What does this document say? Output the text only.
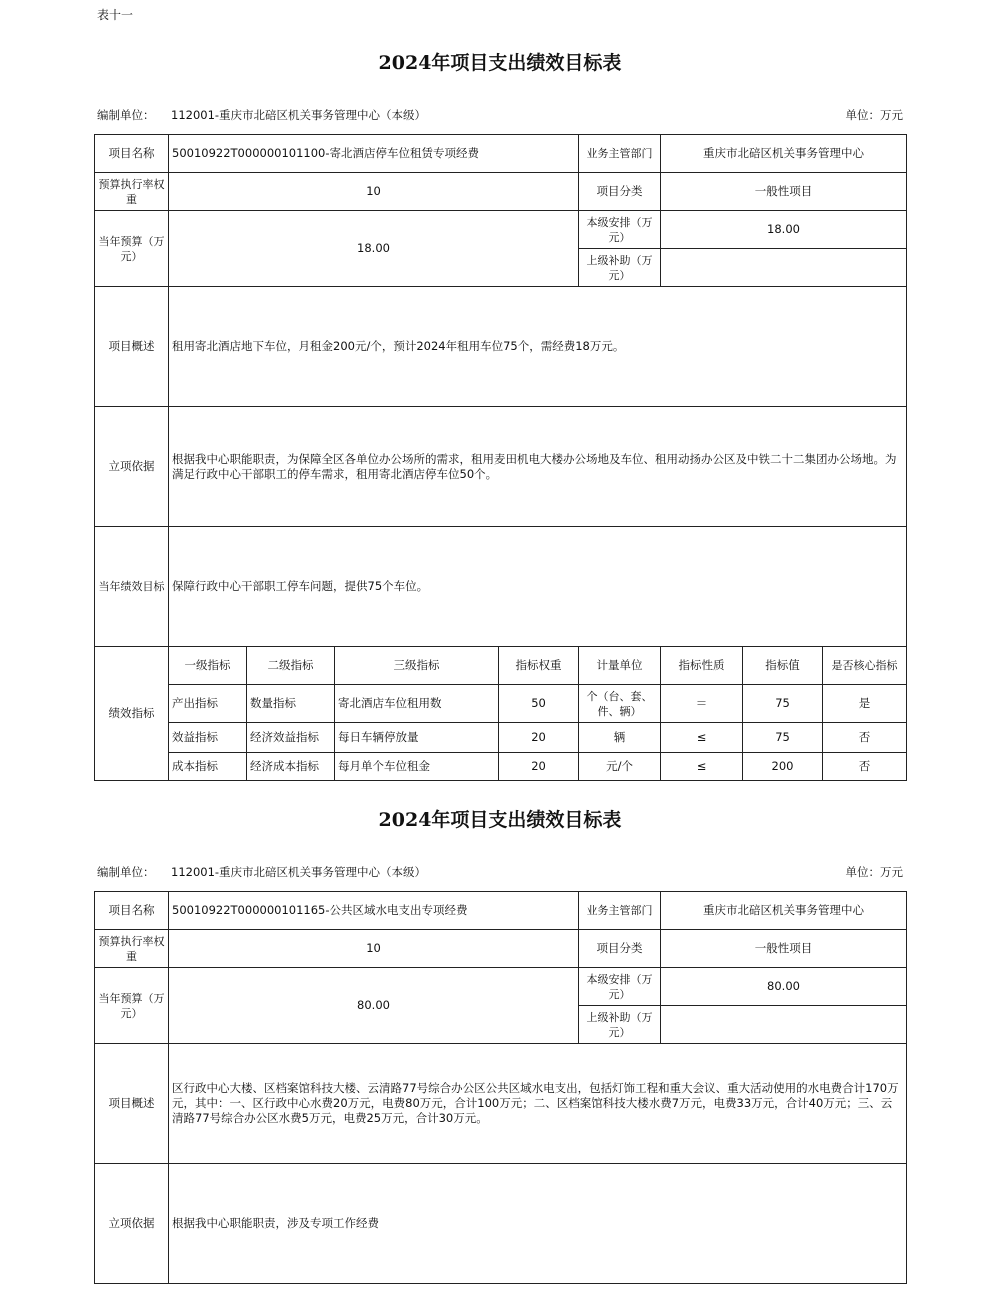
表十一
2024年项目支出绩效目标表
编制单位： 112001-重庆市北碚区机关事务管理中心（本级）	单位：万元
项目名称	50010922T000000101100-寄北酒店停车位租赁专项经费				业务主管部门	重庆市北碚区机关事务管理中心		
预算执行率权重	10				项目分类	一般性项目		
当年预算（万元）	18.00				本级安排（万元）	18.00		
					上级补助（万元）			
项目概述	租用寄北酒店地下车位，月租金200元/个，预计2024年租用车位75个，需经费18万元。							
立项依据	根据我中心职能职责，为保障全区各单位办公场所的需求，租用麦田机电大楼办公场地及车位、租用动扬办公区及中铁二十二集团办公场地。为满足行政中心干部职工的停车需求，租用寄北酒店停车位50个。							
当年绩效目标	保障行政中心干部职工停车问题，提供75个车位。							
绩效指标	一级指标	二级指标	三级指标	指标权重	计量单位	指标性质	指标值	是否核心指标
	产出指标	数量指标	寄北酒店车位租用数	50	个（台、套、件、辆）	＝	75	是
	效益指标	经济效益指标	每日车辆停放量	20	辆	≤	75	否
	成本指标	经济成本指标	每月单个车位租金	20	元/个	≤	200	否
2024年项目支出绩效目标表
编制单位： 112001-重庆市北碚区机关事务管理中心（本级）	单位：万元
项目名称	50010922T000000101165-公共区域水电支出专项经费	业务主管部门	重庆市北碚区机关事务管理中心
预算执行率权重	10	项目分类	一般性项目
当年预算（万元）	80.00	本级安排（万元）	80.00
		上级补助（万元）	
项目概述	区行政中心大楼、区档案馆科技大楼、云清路77号综合办公区公共区域水电支出，包括灯饰工程和重大会议、重大活动使用的水电费合计170万元，其中：一、区行政中心水费20万元，电费80万元，合计100万元；二、区档案馆科技大楼水费7万元，电费33万元，合计40万元；三、云清路77号综合办公区水费5万元，电费25万元，合计30万元。		
立项依据	根据我中心职能职责，涉及专项工作经费		
